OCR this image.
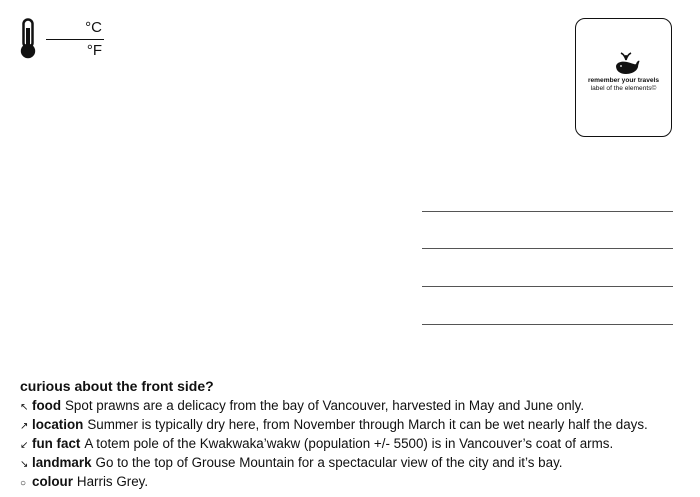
°C
°F
remember your travels
label of the elements©
curious about the front side?
↖ food Spot prawns are a delicacy from the bay of Vancouver, harvested in May and June only.
↗ location Summer is typically dry here, from November through March it can be wet nearly half the days.
↙ fun fact A totem pole of the Kwakwaka’wakw (population +/- 5500) is in Vancouver’s coat of arms.
↘ landmark Go to the top of Grouse Mountain for a spectacular view of the city and it’s bay.
○ colour Harris Grey.
